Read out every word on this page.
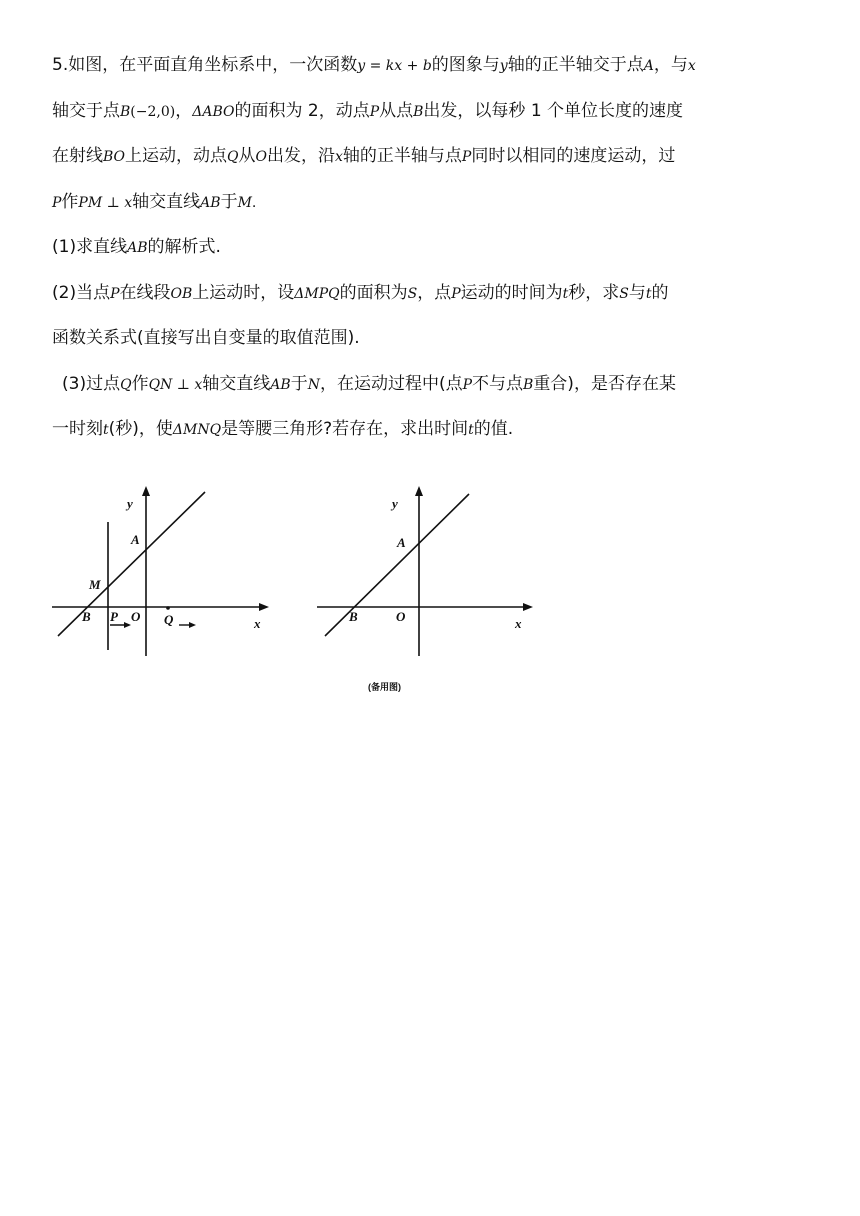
5.如图，在平面直角坐标系中，一次函数y = kx + b的图象与y轴的正半轴交于点A，与x
轴交于点B(−2,0)，ΔABO的面积为 2，动点P从点B出发，以每秒 1 个单位长度的速度
在射线BO上运动，动点Q从O出发，沿x轴的正半轴与点P同时以相同的速度运动，过
P作PM ⊥ x轴交直线AB于M.
(1)求直线AB的解析式.
(2)当点P在线段OB上运动时，设ΔMPQ的面积为S，点P运动的时间为t秒，求S与t的
函数关系式(直接写出自变量的取值范围).
(3)过点Q作QN ⊥ x轴交直线AB于N，在运动过程中(点P不与点B重合)，是否存在某
一时刻t(秒)，使ΔMNQ是等腰三角形?若存在，求出时间t的值.
y
A
M
B P O Q	x
y
A
B	O	x
(备用图)
